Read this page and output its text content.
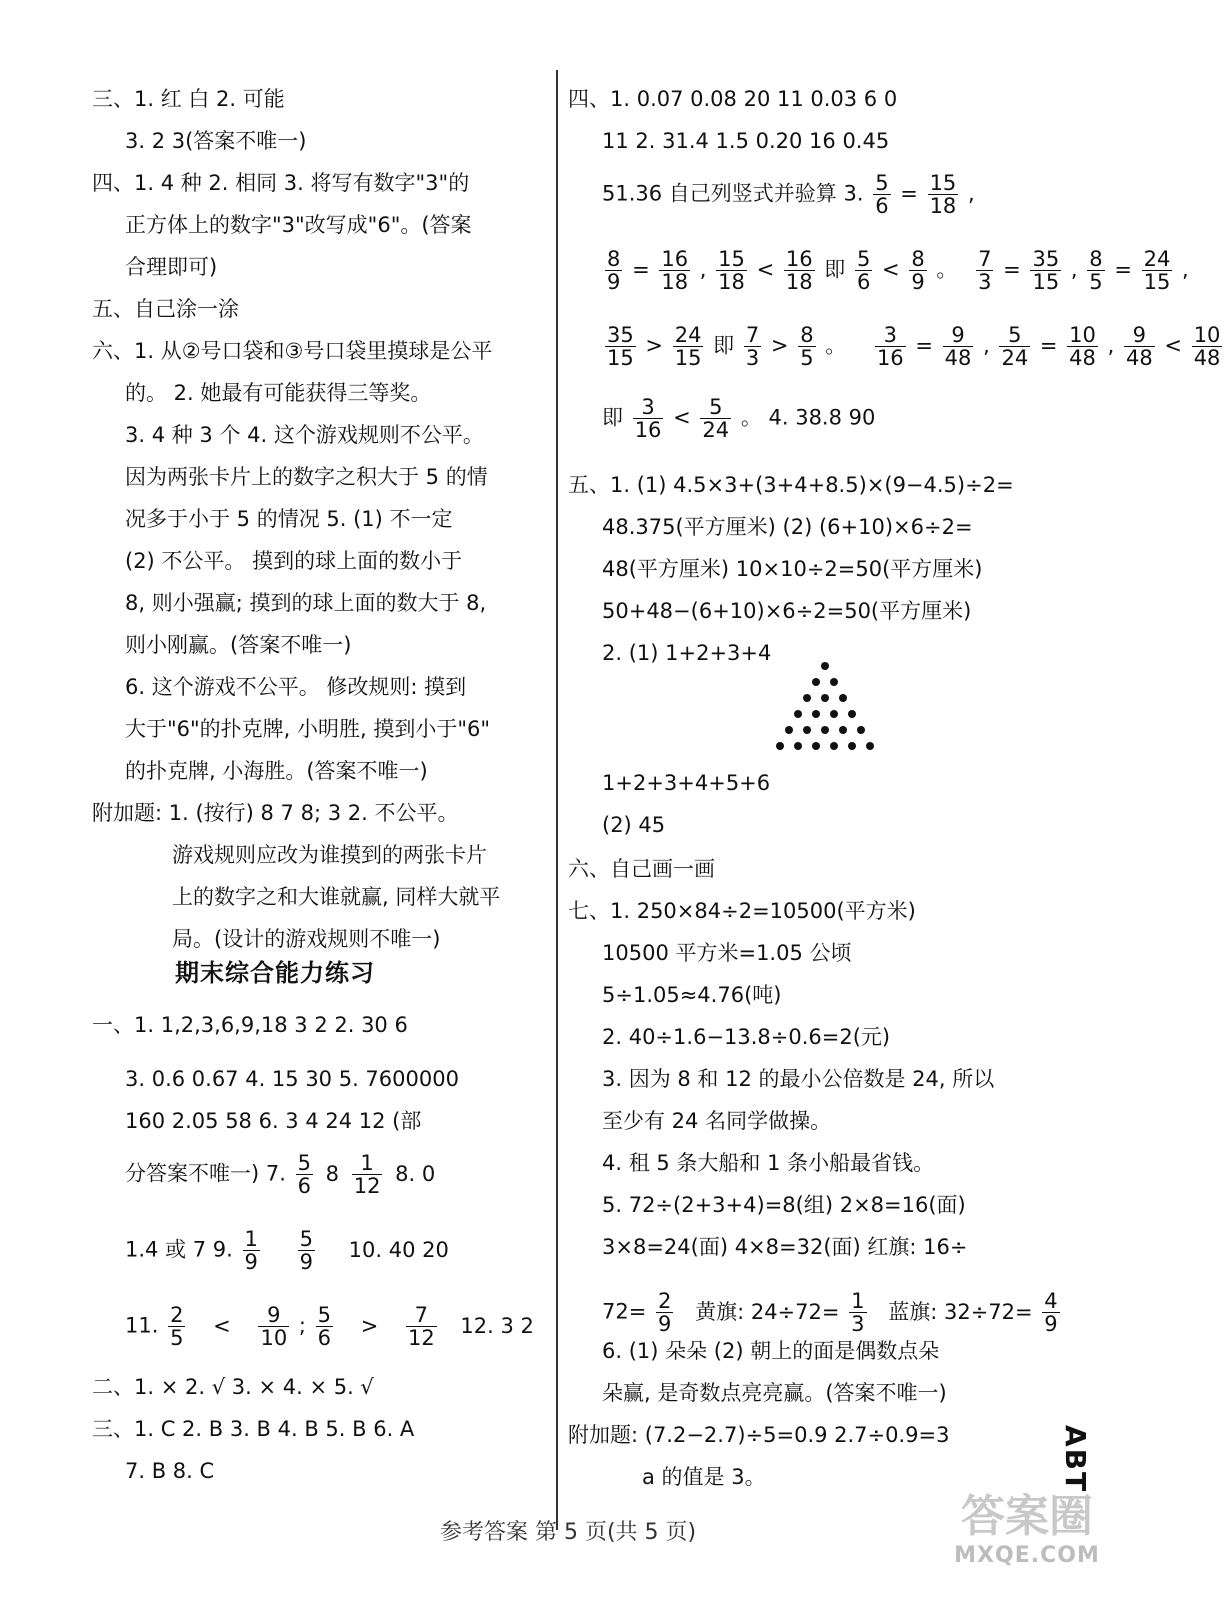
三、1. 红 白 2. 可能
3. 2 3(答案不唯一)
四、1. 4 种 2. 相同 3. 将写有数字"3"的
正方体上的数字"3"改写成"6"。(答案
合理即可)
五、自己涂一涂
六、1. 从②号口袋和③号口袋里摸球是公平
的。 2. 她最有可能获得三等奖。
3. 4 种 3 个 4. 这个游戏规则不公平。
因为两张卡片上的数字之积大于 5 的情
况多于小于 5 的情况 5. (1) 不一定
(2) 不公平。 摸到的球上面的数小于
8, 则小强赢; 摸到的球上面的数大于 8,
则小刚赢。(答案不唯一)
6. 这个游戏不公平。 修改规则: 摸到
大于"6"的扑克牌, 小明胜, 摸到小于"6"
的扑克牌, 小海胜。(答案不唯一)
附加题: 1. (按行) 8 7 8; 3 2. 不公平。
游戏规则应改为谁摸到的两张卡片
上的数字之和大谁就赢, 同样大就平
局。(设计的游戏规则不唯一)
期末综合能力练习
一、1. 1,2,3,6,9,18 3 2 2. 30 6
3. 0.6 0.67 4. 15 30 5. 7600000
160 2.05 58 6. 3 4 24 12 (部
分答案不唯一) 7. $\frac{5}{6} 8 \frac{1}{12} 8$. 0
1.4 或 7 9. $\frac{1}{9}$
$\frac{5}{9} 10$. 40 20
11. $\frac{2}{5} < \frac{9}{10}$ ; $\frac{5}{6} > \frac{7}{12} 12$. 3 2
二、1. × 2. √ 3. × 4. × 5. √
三、1. C 2. B 3. B 4. B 5. B 6. A
7. B 8. C
四、1. 0.07 0.08 20 11 0.03 6 0
11 2. 31.4 1.5 0.20 16 0.45
51.36 自己列竖式并验算 3. $\frac{5}{6} = \frac{15}{18}$ ,
$\frac{8}{9} = \frac{16}{18}$ , $\frac{15}{18} < \frac{16}{18}$ 即 $\frac{5}{6} < \frac{8}{9}$ 。 $\frac{7}{3} = \frac{35}{15}$ , $\frac{8}{5} = \frac{24}{15}$ ,
$\frac{35}{15} > \frac{24}{15}$ 即 $\frac{7}{3} > \frac{8}{5}$ 。 $\frac{3}{16} = \frac{9}{48}$ , $\frac{5}{24} = \frac{10}{48}$ , $\frac{9}{48} < \frac{10}{48}$
即 $\frac{3}{16} < \frac{5}{24}$ 。 4. 38.8 90
五、1. (1) 4.5×3+(3+4+8.5)×(9−4.5)÷2=
48.375(平方厘米) (2) (6+10)×6÷2=
48(平方厘米) 10×10÷2=50(平方厘米)
50+48−(6+10)×6÷2=50(平方厘米)
2. (1) 1+2+3+4
1+2+3+4+5+6
(2) 45
六、自己画一画
七、1. 250×84÷2=10500(平方米)
10500 平方米=1.05 公顷
5÷1.05≈4.76(吨)
2. 40÷1.6−13.8÷0.6=2(元)
3. 因为 8 和 12 的最小公倍数是 24, 所以
至少有 24 名同学做操。
4. 租 5 条大船和 1 条小船最省钱。
5. 72÷(2+3+4)=8(组) 2×8=16(面)
3×8=24(面) 4×8=32(面) 红旗: 16÷
$72= \frac{2}{9}$ 黄旗: $24\div 72= \frac{1}{3}$ 蓝旗: $32\div 72= \frac{4}{9}$
6. (1) 朵朵 (2) 朝上的面是偶数点朵
朵赢, 是奇数点亮亮赢。(答案不唯一)
附加题: (7.2−2.7)÷5=0.9 2.7÷0.9=3
a 的值是 3。
参考答案 第 5 页(共 5 页)
ABT
答案圈
MXQE.COM
